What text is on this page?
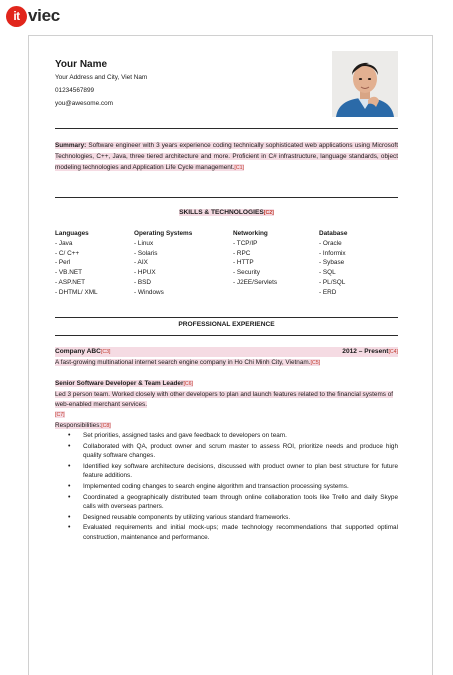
it viec
Your Name
Your Address and City, Viet Nam
01234567899
you@awesome.com
Summary: Software engineer with 3 years experience coding technically sophisticated web applications using Microsoft Technologies, C++, Java, three tiered architecture and more. Proficient in C# infrastructure, language standards, object modeling technologies and Application Life Cycle management.[C1]
SKILLS & TECHNOLOGIES[C2]
Languages
- Java
- C/ C++
- Perl
- VB.NET
- ASP.NET
- DHTML/ XML
Operating Systems
- Linux
- Solaris
- AIX
- HPUX
- BSD
- Windows
Networking
- TCP/IP
- RPC
- HTTP
- Security
- J2EE/Servlets
Database
- Oracle
- Informix
- Sybase
- SQL
- PL/SQL
- ERD
PROFESSIONAL EXPERIENCE
Company ABC[C3]	2012 – Present[C4]
A fast-growing multinational internet search engine company in Ho Chi Minh City, Vietnam.[C5]
Senior Software Developer & Team Leader[C6]
Led 3 person team. Worked closely with other developers to plan and launch features related to the financial systems of web-enabled merchant services.
[C7]
Responsibilities:[C8]
• Set priorities, assigned tasks and gave feedback to developers on team.
• Collaborated with QA, product owner and scrum master to assess ROI, prioritize needs and produce high quality software changes.
• Identified key software architecture decisions, discussed with product owner to plan best structure for future feature additions.
• Implemented coding changes to search engine algorithm and transaction processing systems.
• Coordinated a geographically distributed team through online collaboration tools like Trello and daily Skype calls with overseas partners.
• Designed reusable components by utilizing various standard frameworks.
• Evaluated requirements and initial mock-ups; made technology recommendations that supported optimal construction, maintenance and performance.
